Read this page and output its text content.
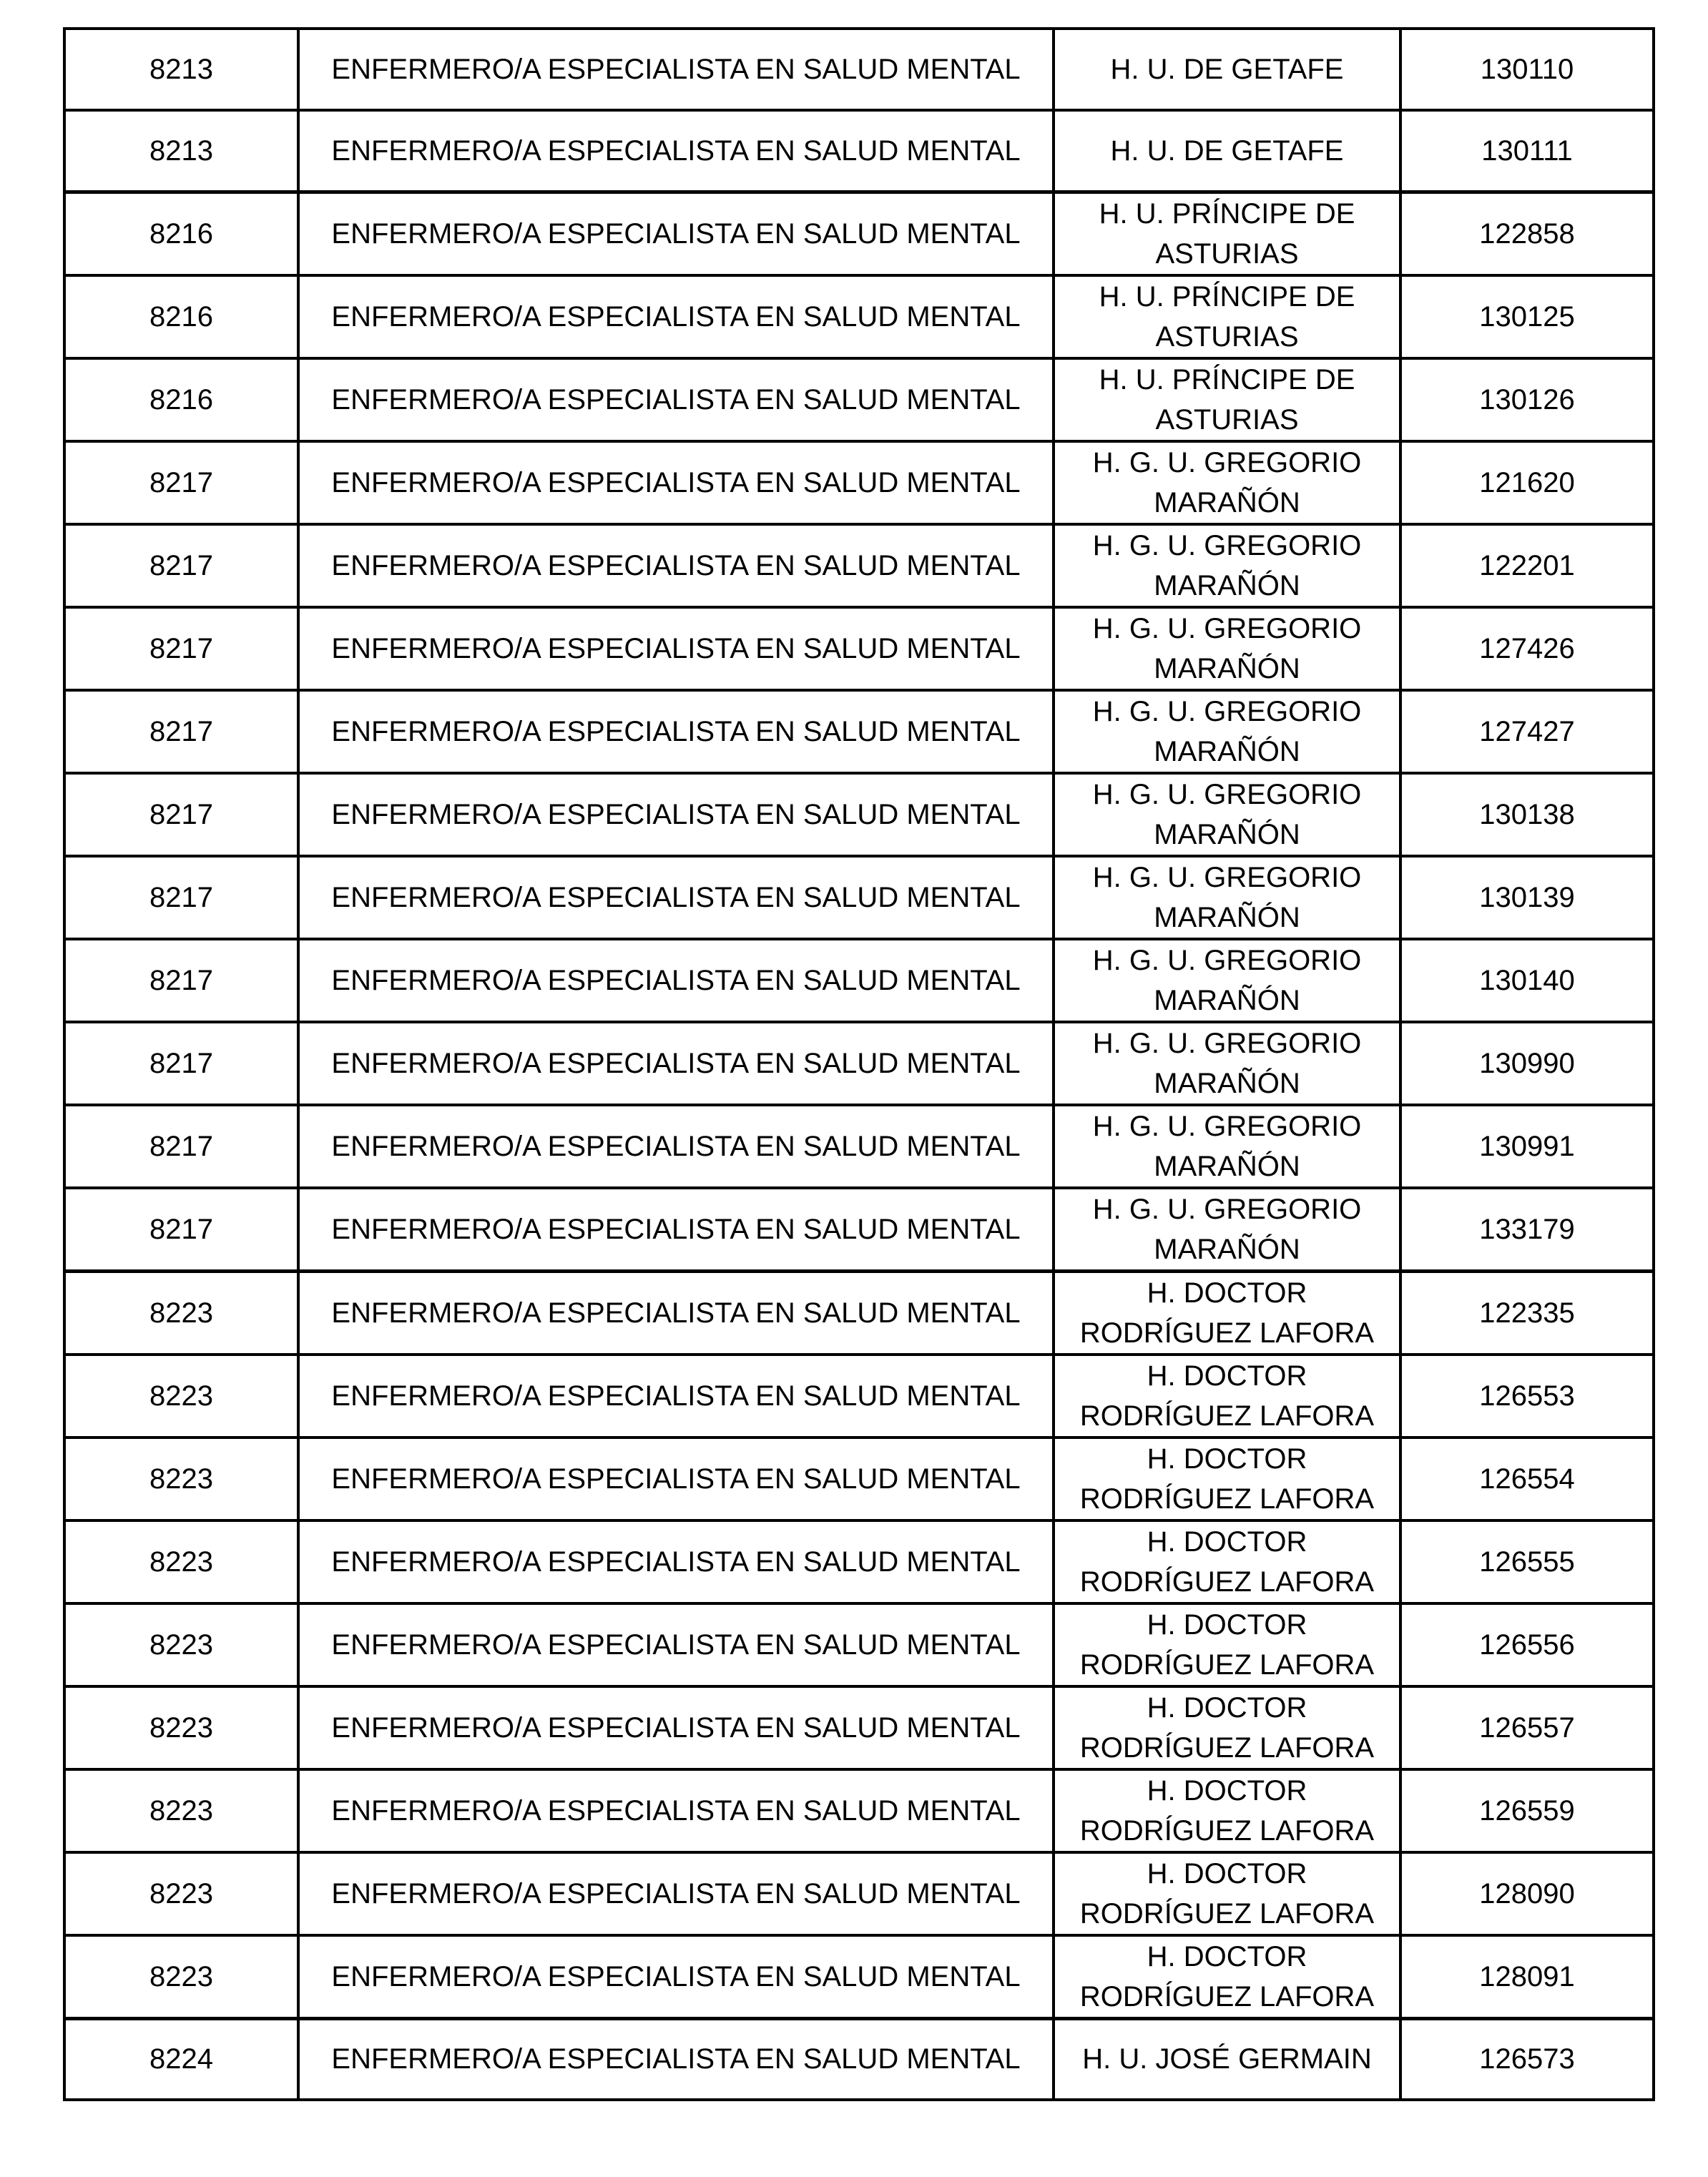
8213	ENFERMERO/A ESPECIALISTA EN SALUD MENTAL	H. U. DE GETAFE	130110
8213	ENFERMERO/A ESPECIALISTA EN SALUD MENTAL	H. U. DE GETAFE	130111
8216	ENFERMERO/A ESPECIALISTA EN SALUD MENTAL	H. U. PRÍNCIPE DE ASTURIAS	122858
8216	ENFERMERO/A ESPECIALISTA EN SALUD MENTAL	H. U. PRÍNCIPE DE ASTURIAS	130125
8216	ENFERMERO/A ESPECIALISTA EN SALUD MENTAL	H. U. PRÍNCIPE DE ASTURIAS	130126
8217	ENFERMERO/A ESPECIALISTA EN SALUD MENTAL	H. G. U. GREGORIO MARAÑÓN	121620
8217	ENFERMERO/A ESPECIALISTA EN SALUD MENTAL	H. G. U. GREGORIO MARAÑÓN	122201
8217	ENFERMERO/A ESPECIALISTA EN SALUD MENTAL	H. G. U. GREGORIO MARAÑÓN	127426
8217	ENFERMERO/A ESPECIALISTA EN SALUD MENTAL	H. G. U. GREGORIO MARAÑÓN	127427
8217	ENFERMERO/A ESPECIALISTA EN SALUD MENTAL	H. G. U. GREGORIO MARAÑÓN	130138
8217	ENFERMERO/A ESPECIALISTA EN SALUD MENTAL	H. G. U. GREGORIO MARAÑÓN	130139
8217	ENFERMERO/A ESPECIALISTA EN SALUD MENTAL	H. G. U. GREGORIO MARAÑÓN	130140
8217	ENFERMERO/A ESPECIALISTA EN SALUD MENTAL	H. G. U. GREGORIO MARAÑÓN	130990
8217	ENFERMERO/A ESPECIALISTA EN SALUD MENTAL	H. G. U. GREGORIO MARAÑÓN	130991
8217	ENFERMERO/A ESPECIALISTA EN SALUD MENTAL	H. G. U. GREGORIO MARAÑÓN	133179
8223	ENFERMERO/A ESPECIALISTA EN SALUD MENTAL	H. DOCTOR RODRÍGUEZ LAFORA	122335
8223	ENFERMERO/A ESPECIALISTA EN SALUD MENTAL	H. DOCTOR RODRÍGUEZ LAFORA	126553
8223	ENFERMERO/A ESPECIALISTA EN SALUD MENTAL	H. DOCTOR RODRÍGUEZ LAFORA	126554
8223	ENFERMERO/A ESPECIALISTA EN SALUD MENTAL	H. DOCTOR RODRÍGUEZ LAFORA	126555
8223	ENFERMERO/A ESPECIALISTA EN SALUD MENTAL	H. DOCTOR RODRÍGUEZ LAFORA	126556
8223	ENFERMERO/A ESPECIALISTA EN SALUD MENTAL	H. DOCTOR RODRÍGUEZ LAFORA	126557
8223	ENFERMERO/A ESPECIALISTA EN SALUD MENTAL	H. DOCTOR RODRÍGUEZ LAFORA	126559
8223	ENFERMERO/A ESPECIALISTA EN SALUD MENTAL	H. DOCTOR RODRÍGUEZ LAFORA	128090
8223	ENFERMERO/A ESPECIALISTA EN SALUD MENTAL	H. DOCTOR RODRÍGUEZ LAFORA	128091
8224	ENFERMERO/A ESPECIALISTA EN SALUD MENTAL	H. U. JOSÉ GERMAIN	126573
